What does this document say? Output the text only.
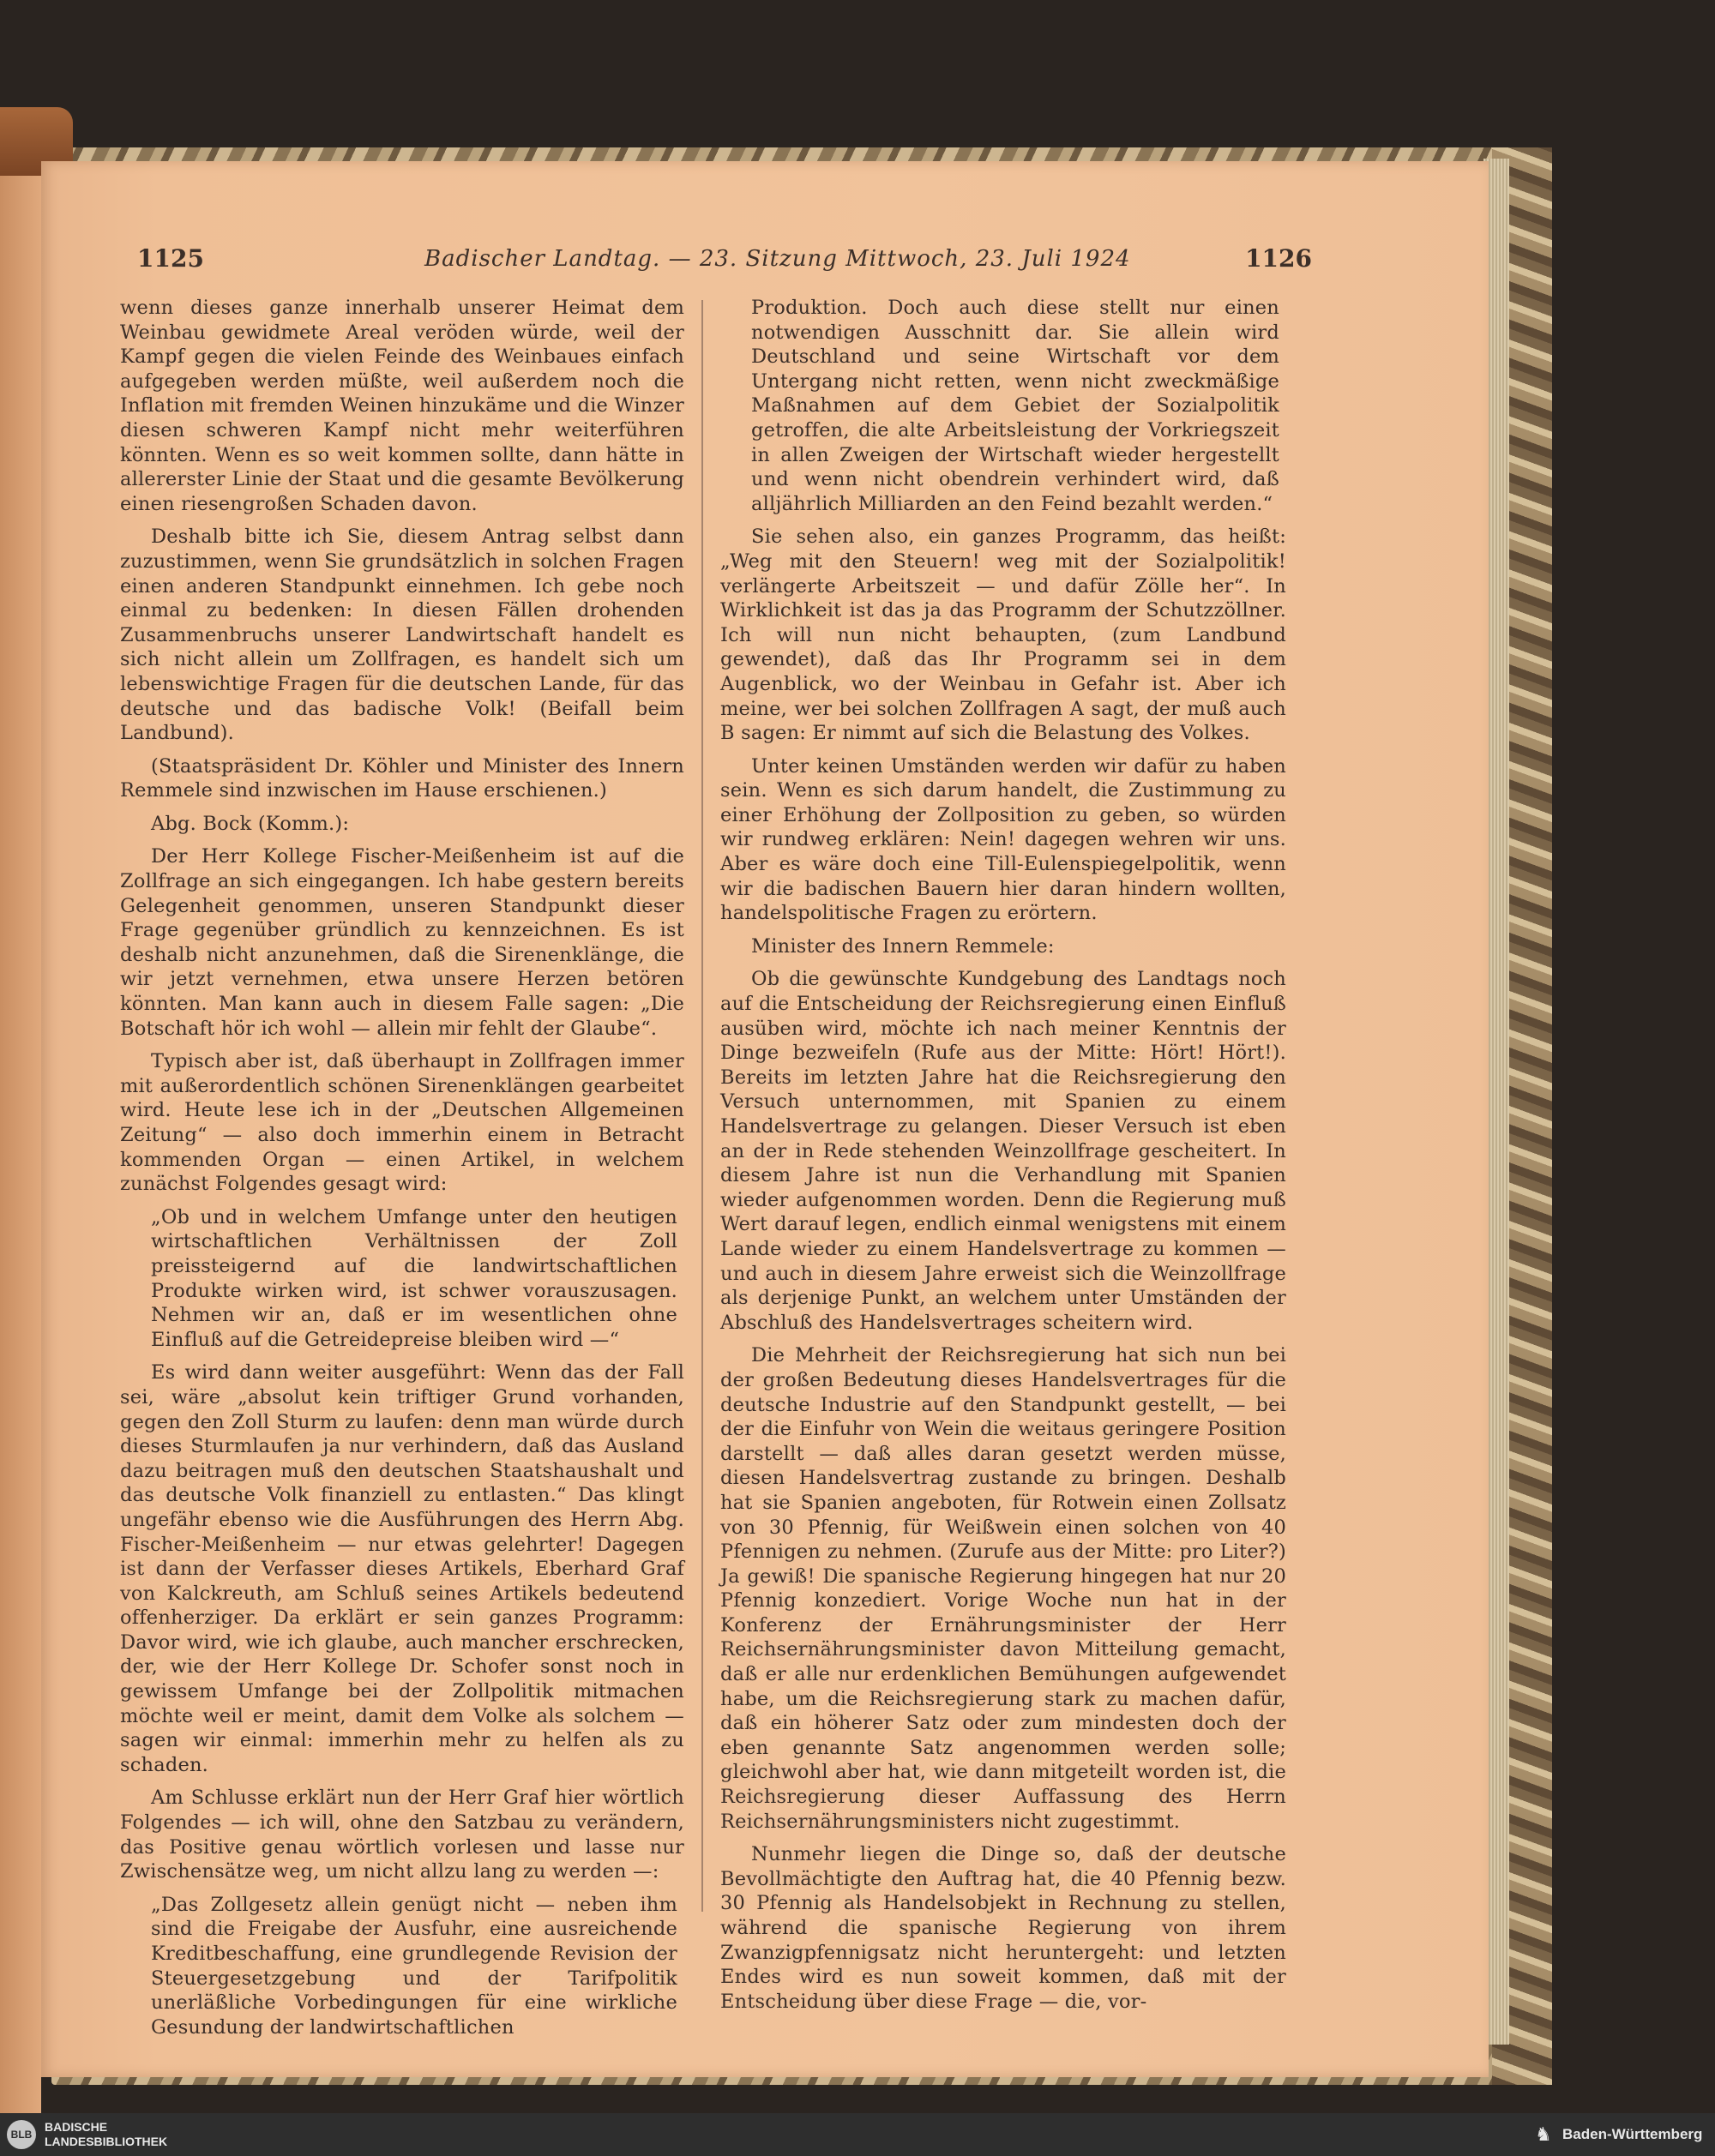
1125	Badischer Landtag. — 23. Sitzung Mittwoch, 23. Juli 1924	1126

wenn dieses ganze innerhalb unserer Heimat dem Weinbau gewidmete Areal veröden würde, weil der Kampf gegen die vielen Feinde des Weinbaues einfach aufgegeben werden müßte, weil außerdem noch die Inflation mit fremden Weinen hinzukäme und die Winzer diesen schweren Kampf nicht mehr weiterführen könnten. Wenn es so weit kommen sollte, dann hätte in allererster Linie der Staat und die gesamte Bevölkerung einen riesengroßen Schaden davon.

Deshalb bitte ich Sie, diesem Antrag selbst dann zuzustimmen, wenn Sie grundsätzlich in solchen Fragen einen anderen Standpunkt einnehmen. Ich gebe noch einmal zu bedenken: In diesen Fällen drohenden Zusammenbruchs unserer Landwirtschaft handelt es sich nicht allein um Zollfragen, es handelt sich um lebenswichtige Fragen für die deutschen Lande, für das deutsche und das badische Volk! (Beifall beim Landbund).

(Staatspräsident Dr. Köhler und Minister des Innern Remmele sind inzwischen im Hause erschienen.)

Abg. Bock (Komm.):

Der Herr Kollege Fischer-Meißenheim ist auf die Zollfrage an sich eingegangen. Ich habe gestern bereits Gelegenheit genommen, unseren Standpunkt dieser Frage gegenüber gründlich zu kennzeichnen. Es ist deshalb nicht anzunehmen, daß die Sirenenklänge, die wir jetzt vernehmen, etwa unsere Herzen betören könnten. Man kann auch in diesem Falle sagen: „Die Botschaft hör ich wohl — allein mir fehlt der Glaube“.

Typisch aber ist, daß überhaupt in Zollfragen immer mit außerordentlich schönen Sirenenklängen gearbeitet wird. Heute lese ich in der „Deutschen Allgemeinen Zeitung“ — also doch immerhin einem in Betracht kommenden Organ — einen Artikel, in welchem zunächst Folgendes gesagt wird:

„Ob und in welchem Umfange unter den heutigen wirtschaftlichen Verhältnissen der Zoll preissteigernd auf die landwirtschaftlichen Produkte wirken wird, ist schwer vorauszusagen. Nehmen wir an, daß er im wesentlichen ohne Einfluß auf die Getreidepreise bleiben wird —“

Es wird dann weiter ausgeführt: Wenn das der Fall sei, wäre „absolut kein triftiger Grund vorhanden, gegen den Zoll Sturm zu laufen: denn man würde durch dieses Sturmlaufen ja nur verhindern, daß das Ausland dazu beitragen muß den deutschen Staatshaushalt und das deutsche Volk finanziell zu entlasten.“ Das klingt ungefähr ebenso wie die Ausführungen des Herrn Abg. Fischer-Meißenheim — nur etwas gelehrter! Dagegen ist dann der Verfasser dieses Artikels, Eberhard Graf von Kalckreuth, am Schluß seines Artikels bedeutend offenherziger. Da erklärt er sein ganzes Programm: Davor wird, wie ich glaube, auch mancher erschrecken, der, wie der Herr Kollege Dr. Schofer sonst noch in gewissem Umfange bei der Zollpolitik mitmachen möchte weil er meint, damit dem Volke als solchem — sagen wir einmal: immerhin mehr zu helfen als zu schaden.

Am Schlusse erklärt nun der Herr Graf hier wörtlich Folgendes — ich will, ohne den Satzbau zu verändern, das Positive genau wörtlich vorlesen und lasse nur Zwischensätze weg, um nicht allzu lang zu werden —:

„Das Zollgesetz allein genügt nicht — neben ihm sind die Freigabe der Ausfuhr, eine ausreichende Kreditbeschaffung, eine grundlegende Revision der Steuergesetzgebung und der Tarifpolitik unerläßliche Vorbedingungen für eine wirkliche Gesundung der landwirtschaftlichen

Produktion. Doch auch diese stellt nur einen notwendigen Ausschnitt dar. Sie allein wird Deutschland und seine Wirtschaft vor dem Untergang nicht retten, wenn nicht zweckmäßige Maßnahmen auf dem Gebiet der Sozialpolitik getroffen, die alte Arbeitsleistung der Vorkriegszeit in allen Zweigen der Wirtschaft wieder hergestellt und wenn nicht obendrein verhindert wird, daß alljährlich Milliarden an den Feind bezahlt werden.“

Sie sehen also, ein ganzes Programm, das heißt: „Weg mit den Steuern! weg mit der Sozialpolitik! verlängerte Arbeitszeit — und dafür Zölle her“. In Wirklichkeit ist das ja das Programm der Schutzzöllner. Ich will nun nicht behaupten, (zum Landbund gewendet), daß das Ihr Programm sei in dem Augenblick, wo der Weinbau in Gefahr ist. Aber ich meine, wer bei solchen Zollfragen A sagt, der muß auch B sagen: Er nimmt auf sich die Belastung des Volkes.

Unter keinen Umständen werden wir dafür zu haben sein. Wenn es sich darum handelt, die Zustimmung zu einer Erhöhung der Zollposition zu geben, so würden wir rundweg erklären: Nein! dagegen wehren wir uns. Aber es wäre doch eine Till-Eulenspiegelpolitik, wenn wir die badischen Bauern hier daran hindern wollten, handelspolitische Fragen zu erörtern.

Minister des Innern Remmele:

Ob die gewünschte Kundgebung des Landtags noch auf die Entscheidung der Reichsregierung einen Einfluß ausüben wird, möchte ich nach meiner Kenntnis der Dinge bezweifeln (Rufe aus der Mitte: Hört! Hört!). Bereits im letzten Jahre hat die Reichsregierung den Versuch unternommen, mit Spanien zu einem Handelsvertrage zu gelangen. Dieser Versuch ist eben an der in Rede stehenden Weinzollfrage gescheitert. In diesem Jahre ist nun die Verhandlung mit Spanien wieder aufgenommen worden. Denn die Regierung muß Wert darauf legen, endlich einmal wenigstens mit einem Lande wieder zu einem Handelsvertrage zu kommen — und auch in diesem Jahre erweist sich die Weinzollfrage als derjenige Punkt, an welchem unter Umständen der Abschluß des Handelsvertrages scheitern wird.

Die Mehrheit der Reichsregierung hat sich nun bei der großen Bedeutung dieses Handelsvertrages für die deutsche Industrie auf den Standpunkt gestellt, — bei der die Einfuhr von Wein die weitaus geringere Position darstellt — daß alles daran gesetzt werden müsse, diesen Handelsvertrag zustande zu bringen. Deshalb hat sie Spanien angeboten, für Rotwein einen Zollsatz von 30 Pfennig, für Weißwein einen solchen von 40 Pfennigen zu nehmen. (Zurufe aus der Mitte: pro Liter?) Ja gewiß! Die spanische Regierung hingegen hat nur 20 Pfennig konzediert. Vorige Woche nun hat in der Konferenz der Ernährungsminister der Herr Reichsernährungsminister davon Mitteilung gemacht, daß er alle nur erdenklichen Bemühungen aufgewendet habe, um die Reichsregierung stark zu machen dafür, daß ein höherer Satz oder zum mindesten doch der eben genannte Satz angenommen werden solle; gleichwohl aber hat, wie dann mitgeteilt worden ist, die Reichsregierung dieser Auffassung des Herrn Reichsernährungsministers nicht zugestimmt.

Nunmehr liegen die Dinge so, daß der deutsche Bevollmächtigte den Auftrag hat, die 40 Pfennig bezw. 30 Pfennig als Handelsobjekt in Rechnung zu stellen, während die spanische Regierung von ihrem Zwanzigpfennigsatz nicht heruntergeht: und letzten Endes wird es nun soweit kommen, daß mit der Entscheidung über diese Frage — die, vor-

BLB
BADISCHE
LANDESBIBLIOTHEK	♞ Baden-Württemberg
